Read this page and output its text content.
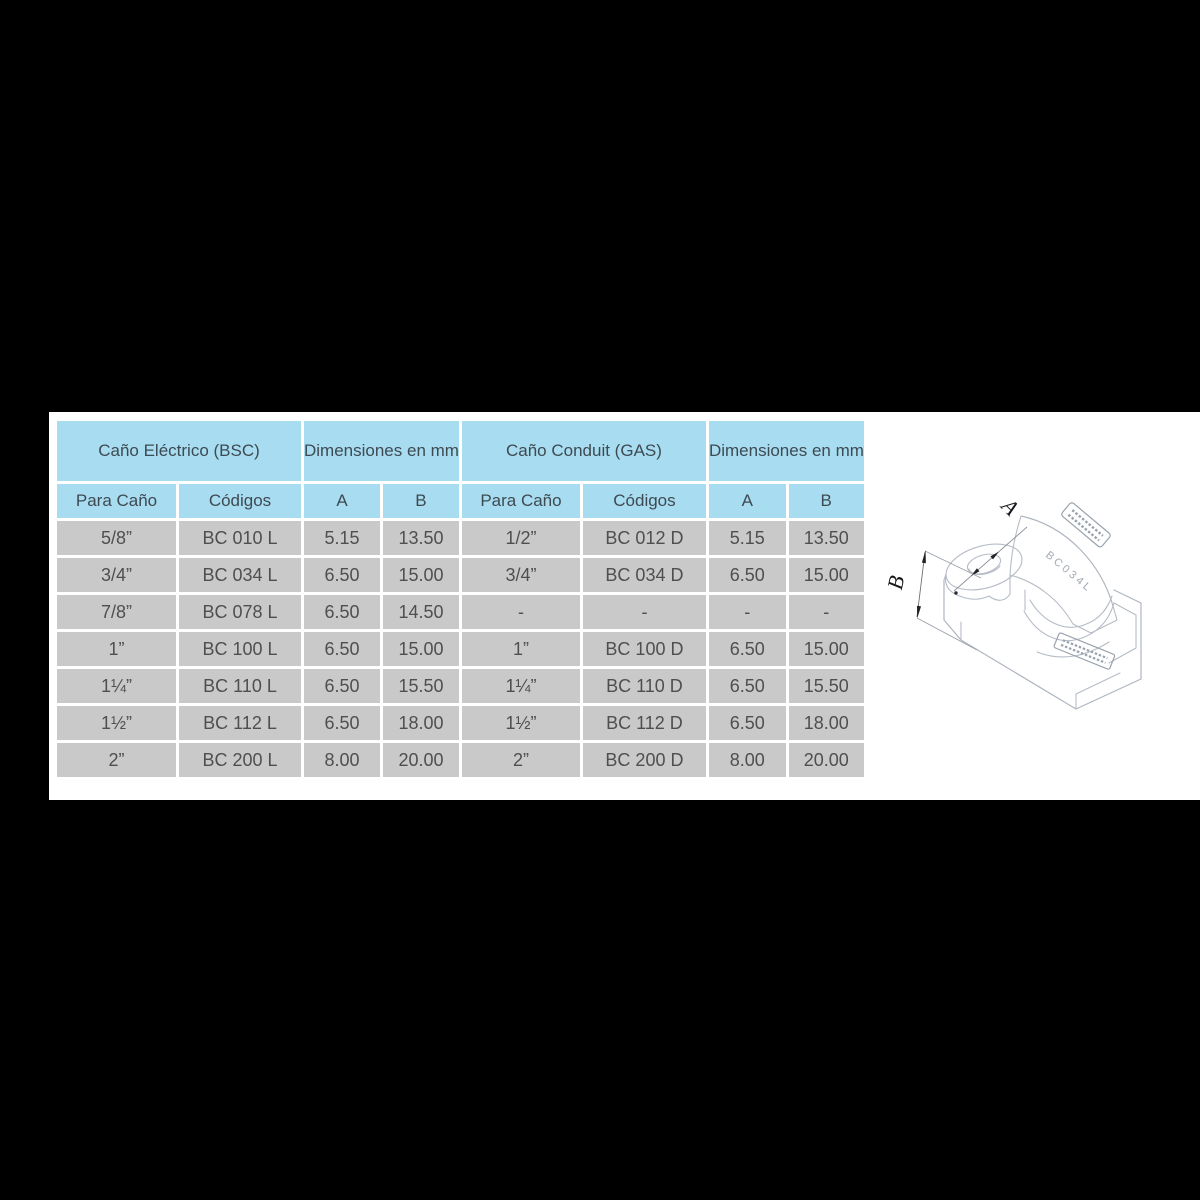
Caño Eléctrico (BSC)		Dimensiones en mm		Caño Conduit (GAS)		Dimensiones en mm	
Para Caño	Códigos	A	B	Para Caño	Códigos	A	B
5/8”	BC 010 L	5.15	13.50	1/2”	BC 012 D	5.15	13.50
3/4”	BC 034 L	6.50	15.00	3/4”	BC 034 D	6.50	15.00
7/8”	BC 078 L	6.50	14.50	-	-	-	-
1”	BC 100 L	6.50	15.00	1”	BC 100 D	6.50	15.00
1¼”	BC 110 L	6.50	15.50	1¼”	BC 110 D	6.50	15.50
1½”	BC 112 L	6.50	18.00	1½”	BC 112 D	6.50	18.00
2”	BC 200 L	8.00	20.00	2”	BC 200 D	8.00	20.00
BC034L
A
B
